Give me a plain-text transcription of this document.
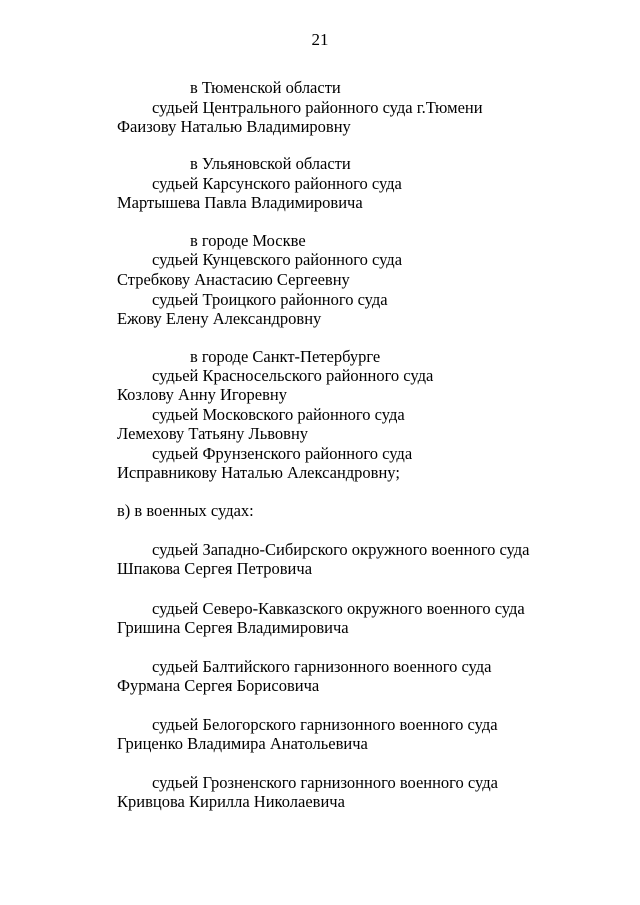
21
в Тюменской области
судьей Центрального районного суда г.Тюмени
Фаизову Наталью Владимировну
в Ульяновской области
судьей Карсунского районного суда
Мартышева Павла Владимировича
в городе Москве
судьей Кунцевского районного суда
Стребкову Анастасию Сергеевну
судьей Троицкого районного суда
Ежову Елену Александровну
в городе Санкт-Петербурге
судьей Красносельского районного суда
Козлову Анну Игоревну
судьей Московского районного суда
Лемехову Татьяну Львовну
судьей Фрунзенского районного суда
Исправникову Наталью Александровну;
в) в военных судах:
судьей Западно-Сибирского окружного военного суда
Шпакова Сергея Петровича
судьей Северо-Кавказского окружного военного суда
Гришина Сергея Владимировича
судьей Балтийского гарнизонного военного суда
Фурмана Сергея Борисовича
судьей Белогорского гарнизонного военного суда
Гриценко Владимира Анатольевича
судьей Грозненского гарнизонного военного суда
Кривцова Кирилла Николаевича
